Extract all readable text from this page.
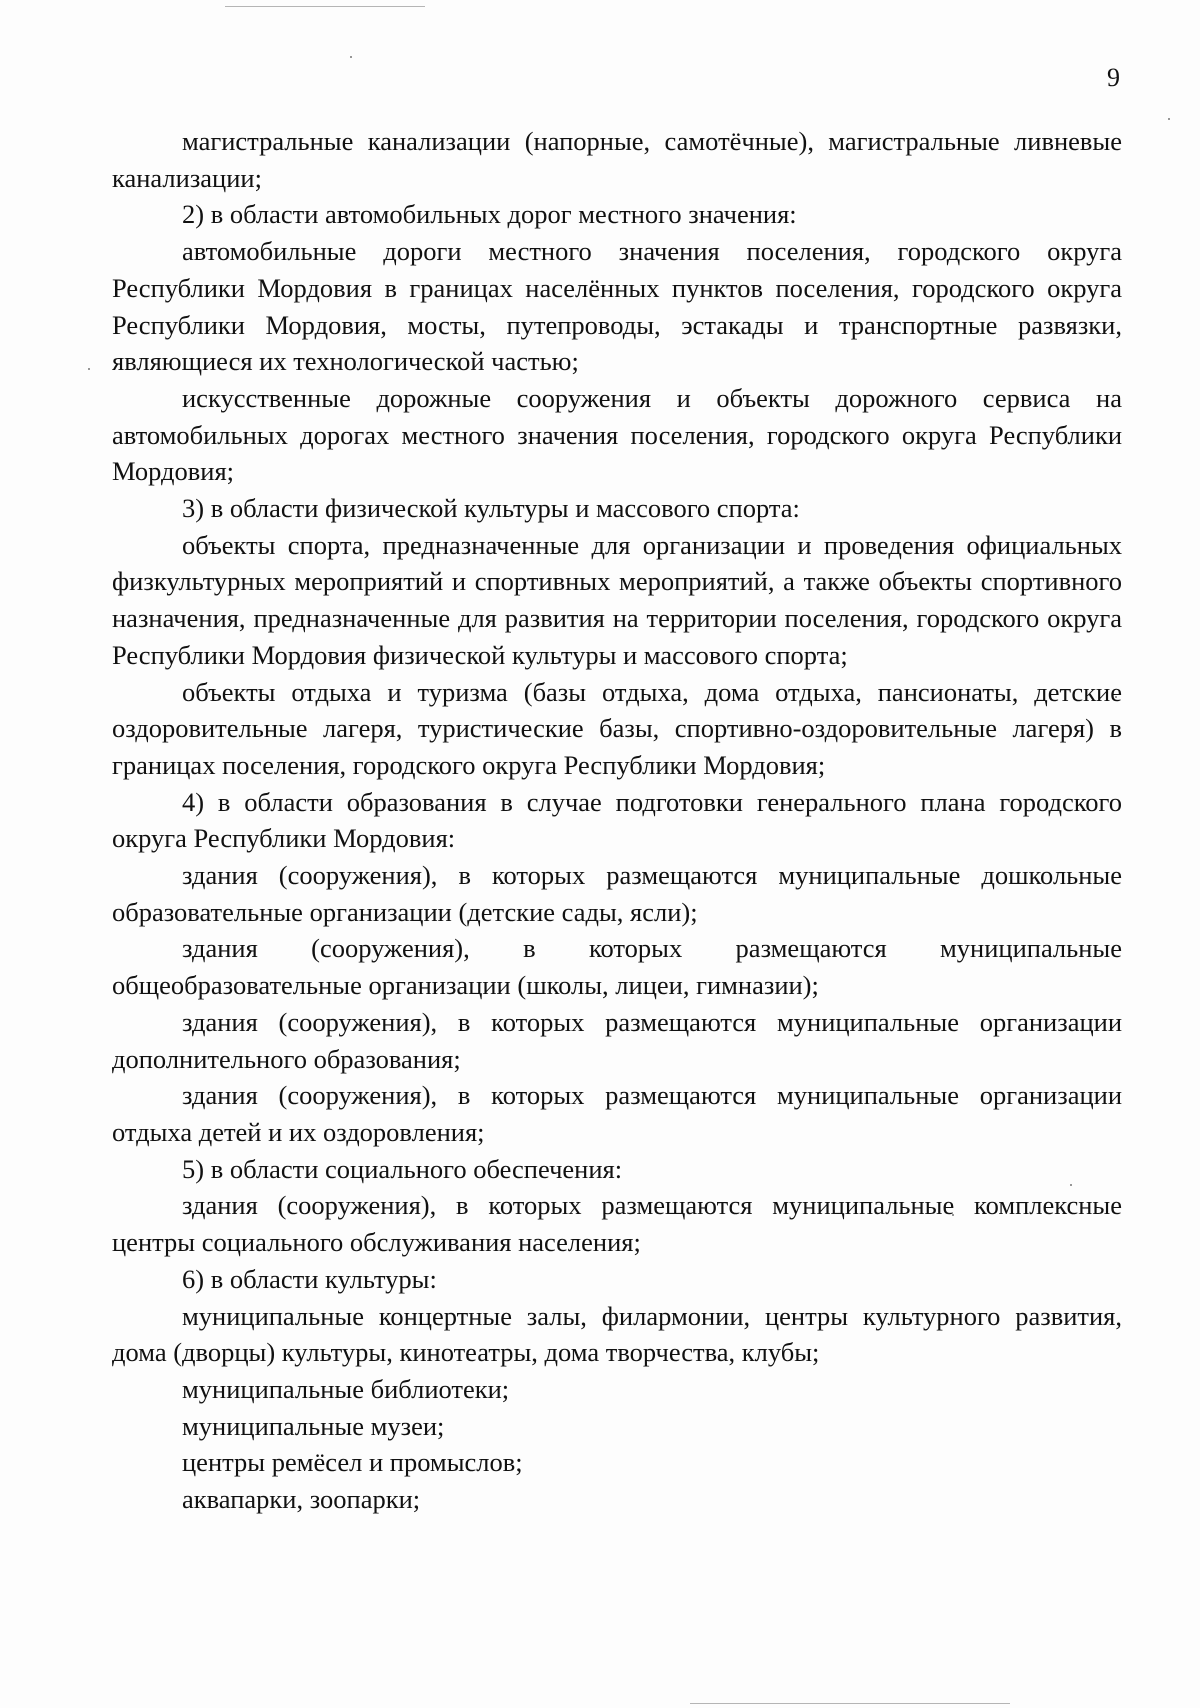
9

магистральные канализации (напорные, самотёчные), магистральные ливневые канализации;

2) в области автомобильных дорог местного значения:

автомобильные дороги местного значения поселения, городского округа Республики Мордовия в границах населённых пунктов поселения, городского округа Республики Мордовия, мосты, путепроводы, эстакады и транспортные развязки, являющиеся их технологической частью;

искусственные дорожные сооружения и объекты дорожного сервиса на автомобильных дорогах местного значения поселения, городского округа Республики Мордовия;

3) в области физической культуры и массового спорта:

объекты спорта, предназначенные для организации и проведения официальных физкультурных мероприятий и спортивных мероприятий, а также объекты спортивного назначения, предназначенные для развития на территории поселения, городского округа Республики Мордовия физической культуры и массового спорта;

объекты отдыха и туризма (базы отдыха, дома отдыха, пансионаты, детские оздоровительные лагеря, туристические базы, спортивно-оздоровительные лагеря) в границах поселения, городского округа Республики Мордовия;

4) в области образования в случае подготовки генерального плана городского округа Республики Мордовия:

здания (сооружения), в которых размещаются муниципальные дошкольные образовательные организации (детские сады, ясли);

здания (сооружения), в которых размещаются муниципальные общеобразовательные организации (школы, лицеи, гимназии);

здания (сооружения), в которых размещаются муниципальные организации дополнительного образования;

здания (сооружения), в которых размещаются муниципальные организации отдыха детей и их оздоровления;

5) в области социального обеспечения:

здания (сооружения), в которых размещаются муниципальные комплексные центры социального обслуживания населения;

6) в области культуры:

муниципальные концертные залы, филармонии, центры культурного развития, дома (дворцы) культуры, кинотеатры, дома творчества, клубы;

муниципальные библиотеки;

муниципальные музеи;

центры ремёсел и промыслов;

аквапарки, зоопарки;
